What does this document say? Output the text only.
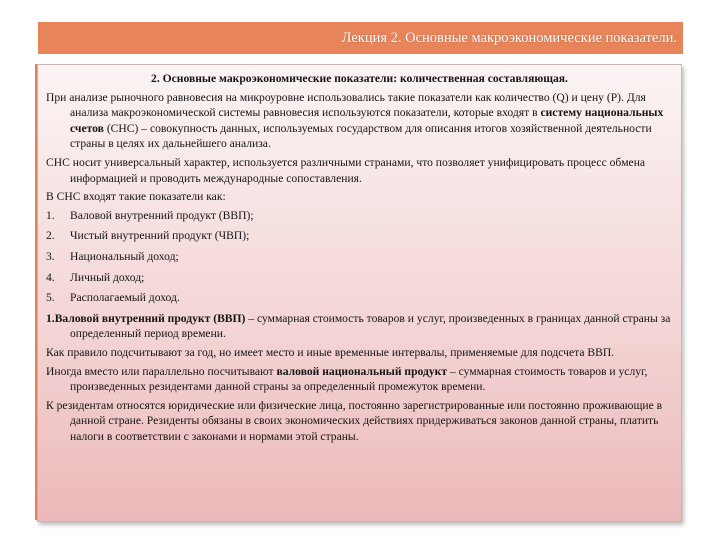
Лекция 2. Основные макроэкономические показатели.

2. Основные макроэкономические показатели: количественная составляющая.

При анализе рыночного равновесия на микроуровне использовались такие показатели как количество (Q) и цену (P). Для анализа макроэкономической системы равновесия используются показатели, которые входят в систему национальных счетов (СНС) – совокупность данных, используемых государством для описания итогов хозяйственной деятельности страны в целях их дальнейшего анализа.

СНС носит универсальный характер, используется различными странами, что позволяет унифицировать процесс обмена информацией и проводить международные сопоставления.

В СНС входят такие показатели как:

1.	Валовой внутренний продукт (ВВП);
2.	Чистый внутренний продукт (ЧВП);
3.	Национальный доход;
4.	Личный доход;
5.	Располагаемый доход.

1.Валовой внутренний продукт (ВВП) – суммарная стоимость товаров и услуг, произведенных в границах данной страны за определенный период времени.

Как правило подсчитывают за год, но имеет место и иные временные интервалы, применяемые для подсчета ВВП.

Иногда вместо или параллельно посчитывают валовой национальный продукт – суммарная стоимость товаров и услуг, произведенных резидентами данной страны за определенный промежуток времени.

К резидентам относятся юридические или физические лица, постоянно зарегистрированные или постоянно проживающие в данной стране. Резиденты обязаны в своих экономических действиях придерживаться законов данной страны, платить налоги в соответствии с законами и нормами этой страны.
